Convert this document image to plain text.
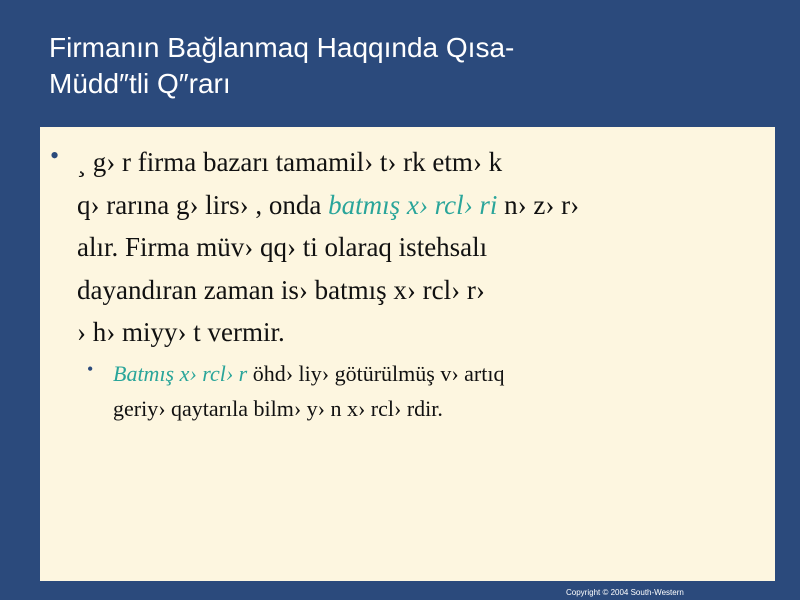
Firmanın Bağlanmaq Haqqında Qısa-
Müdd″tli Q″rarı
• ¸ g› r firma bazarı tamamil› t› rk etm› k
q› rarına g› lirs› , onda batmış x› rcl› ri n› z› r›
alır. Firma müv› qq› ti olaraq istehsalı
dayandıran zaman is› batmış x› rcl› r›
› h› miyy› t vermir.
• Batmış x› rcl› r öhd› liy› götürülmüş v› artıq
geriy› qaytarıla bilm› y› n x› rcl› rdir.
Copyright © 2004 South-Western
